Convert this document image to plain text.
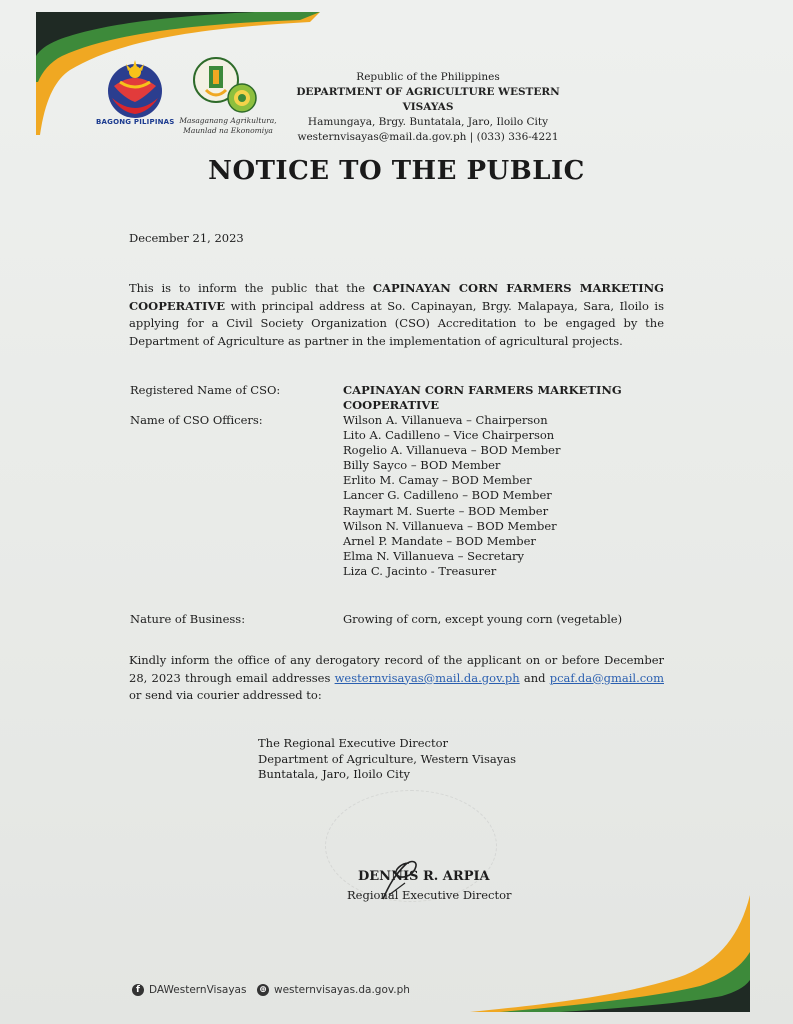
BAGONG PILIPINAS Masaganang Agrikultura,
Maunlad na Ekonomiya
Republic of the Philippines
DEPARTMENT OF AGRICULTURE WESTERN VISAYAS
Hamungaya, Brgy. Buntatala, Jaro, Iloilo City
westernvisayas@mail.da.gov.ph | (033) 336-4221
NOTICE TO THE PUBLIC
December 21, 2023
This is to inform the public that the CAPINAYAN CORN FARMERS MARKETING COOPERATIVE with principal address at So. Capinayan, Brgy. Malapaya, Sara, Iloilo is applying for a Civil Society Organization (CSO) Accreditation to be engaged by the Department of Agriculture as partner in the implementation of agricultural projects.
Registered Name of CSO:	CAPINAYAN CORN FARMERS MARKETING
COOPERATIVE
Name of CSO Officers:	Wilson A. Villanueva – Chairperson
Lito A. Cadilleno – Vice Chairperson
Rogelio A. Villanueva – BOD Member
Billy Sayco – BOD Member
Erlito M. Camay – BOD Member
Lancer G. Cadilleno – BOD Member
Raymart M. Suerte – BOD Member
Wilson N. Villanueva – BOD Member
Arnel P. Mandate – BOD Member
Elma N. Villanueva – Secretary
Liza C. Jacinto - Treasurer
Nature of Business:	Growing of corn, except young corn (vegetable)
Kindly inform the office of any derogatory record of the applicant on or before December 28, 2023 through email addresses westernvisayas@mail.da.gov.ph and pcaf.da@gmail.com or send via courier addressed to:
The Regional Executive Director
Department of Agriculture, Western Visayas
Buntatala, Jaro, Iloilo City
DENNIS R. ARPIA
Regional Executive Director
f DAWesternVisayas ⊕ westernvisayas.da.gov.ph
